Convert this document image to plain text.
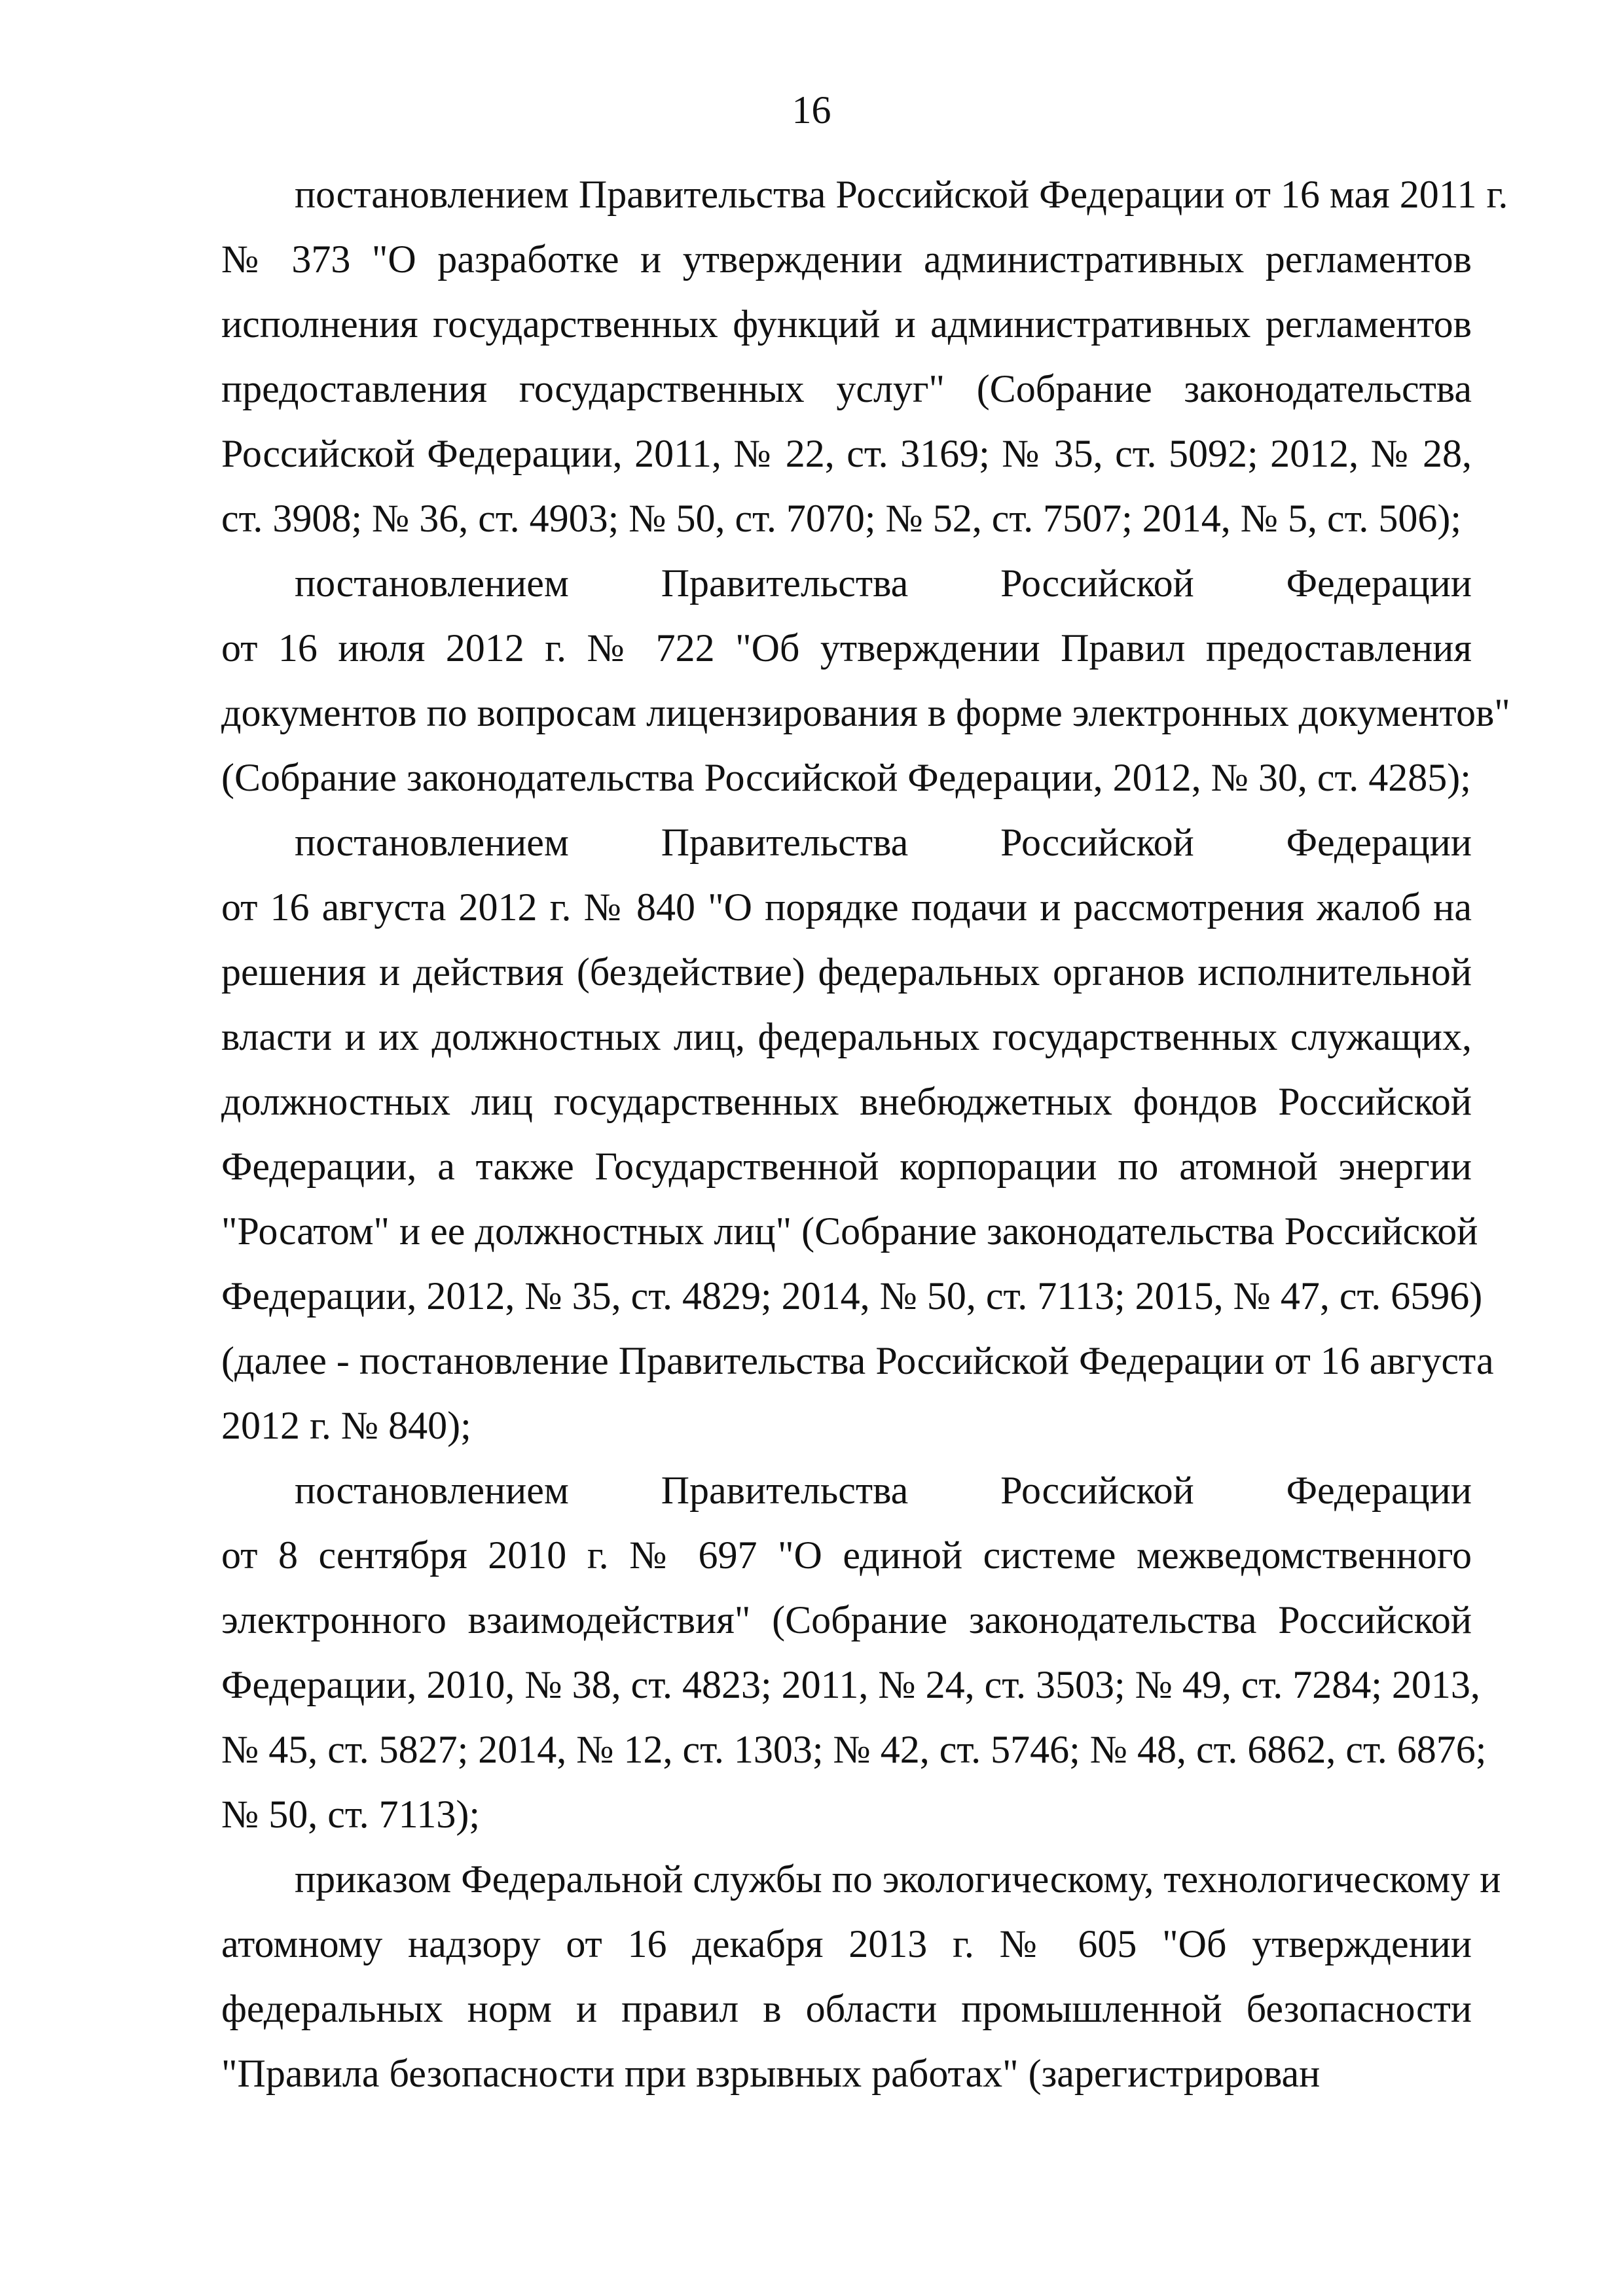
16
постановлением Правительства Российской Федерации от 16 мая 2011 г.
№ 373 "О разработке и утверждении административных регламентов
исполнения государственных функций и административных регламентов
предоставления государственных услуг" (Собрание законодательства
Российской Федерации, 2011, № 22, ст. 3169; № 35, ст. 5092; 2012, № 28,
ст. 3908; № 36, ст. 4903; № 50, ст. 7070; № 52, ст. 7507; 2014, № 5, ст. 506);
постановлением Правительства Российской Федерации
от 16 июля 2012 г. № 722 "Об утверждении Правил предоставления
документов по вопросам лицензирования в форме электронных документов"
(Собрание законодательства Российской Федерации, 2012, № 30, ст. 4285);
постановлением Правительства Российской Федерации
от 16 августа 2012 г. № 840 "О порядке подачи и рассмотрения жалоб на
решения и действия (бездействие) федеральных органов исполнительной
власти и их должностных лиц, федеральных государственных служащих,
должностных лиц государственных внебюджетных фондов Российской
Федерации, а также Государственной корпорации по атомной энергии
"Росатом" и ее должностных лиц" (Собрание законодательства Российской
Федерации, 2012, № 35, ст. 4829; 2014, № 50, ст. 7113; 2015, № 47, ст. 6596)
(далее - постановление Правительства Российской Федерации от 16 августа
2012 г. № 840);
постановлением Правительства Российской Федерации
от 8 сентября 2010 г. № 697 "О единой системе межведомственного
электронного взаимодействия" (Собрание законодательства Российской
Федерации, 2010, № 38, ст. 4823; 2011, № 24, ст. 3503; № 49, ст. 7284; 2013,
№ 45, ст. 5827; 2014, № 12, ст. 1303; № 42, ст. 5746; № 48, ст. 6862, ст. 6876;
№ 50, ст. 7113);
приказом Федеральной службы по экологическому, технологическому и
атомному надзору от 16 декабря 2013 г. № 605 "Об утверждении
федеральных норм и правил в области промышленной безопасности
"Правила безопасности при взрывных работах" (зарегистрирован
